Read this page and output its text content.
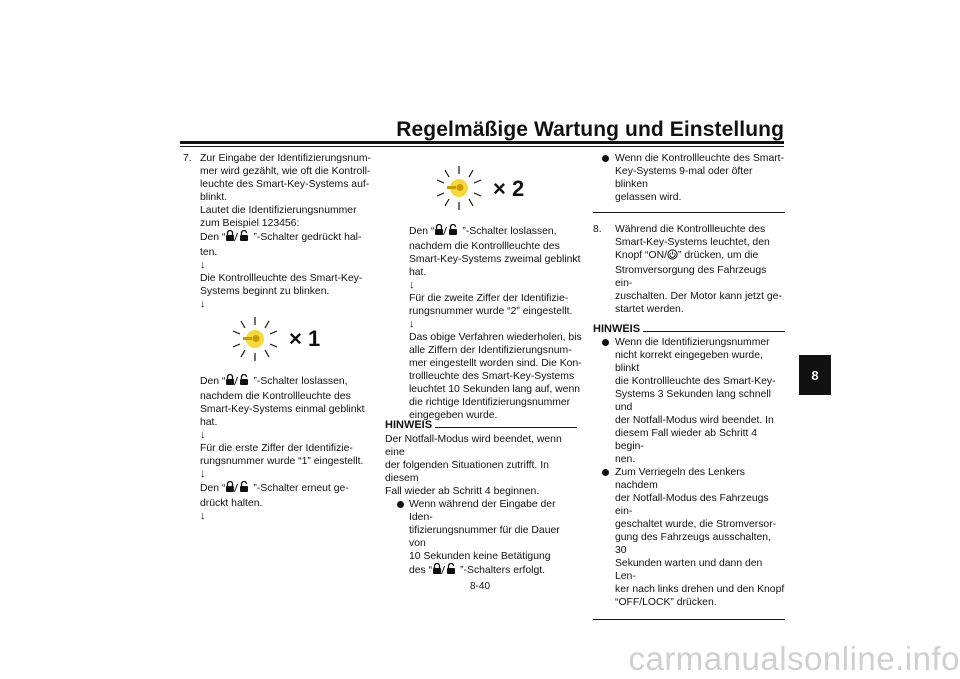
Regelmäßige Wartung und Einstellung
8

7. Zur Eingabe der Identifizierungsnum-

mer wird gezählt, wie oft die Kontroll-

leuchte des Smart-Key-Systems auf-

blinkt.

Lautet die Identifizierungsnummer

zum Beispiel 123456:

Den “	”-Schalter gedrückt hal-

ten.

↓

Die Kontrollleuchte des Smart-Key-

Systems beginnt zu blinken.

↓

× 1

Den “	”-Schalter loslassen,

nachdem die Kontrollleuchte des

Smart-Key-Systems einmal geblinkt

hat.

↓

Für die erste Ziffer der Identifizie-

rungsnummer wurde “1” eingestellt.

↓

Den “	”-Schalter erneut ge-

drückt halten.

↓

× 2

Den “	”-Schalter loslassen,

nachdem die Kontrollleuchte des

Smart-Key-Systems zweimal geblinkt

hat.

↓

Für die zweite Ziffer der Identifizie-

rungsnummer wurde “2” eingestellt.

↓

Das obige Verfahren wiederholen, bis

alle Ziffern der Identifizierungsnum-

mer eingestellt worden sind. Die Kon-

trollleuchte des Smart-Key-Systems

leuchtet 10 Sekunden lang auf, wenn

die richtige Identifizierungsnummer

eingegeben wurde.

HINWEIS

Der Notfall-Modus wird beendet, wenn eine

der folgenden Situationen zutrifft. In diesem

Fall wieder ab Schritt 4 beginnen.

Wenn während der Eingabe der Iden-

tifizierungsnummer für die Dauer von

10 Sekunden keine Betätigung

des “	”-Schalters erfolgt.

Wenn die Kontrollleuchte des Smart-

Key-Systems 9-mal oder öfter blinken

gelassen wird.

8. Während die Kontrollleuchte des

Smart-Key-Systems leuchtet, den

Knopf “ON/ ” drücken, um die

Stromversorgung des Fahrzeugs ein-

zuschalten. Der Motor kann jetzt ge-

startet werden.

HINWEIS

Wenn die Identifizierungsnummer

nicht korrekt eingegeben wurde, blinkt

die Kontrollleuchte des Smart-Key-

Systems 3 Sekunden lang schnell und

der Notfall-Modus wird beendet. In

diesem Fall wieder ab Schritt 4 begin-

nen.

Zum Verriegeln des Lenkers nachdem

der Notfall-Modus des Fahrzeugs ein-

geschaltet wurde, die Stromversor-

gung des Fahrzeugs ausschalten, 30

Sekunden warten und dann den Len-

ker nach links drehen und den Knopf

“OFF/LOCK” drücken.

8-40
carmanualsonline.info
